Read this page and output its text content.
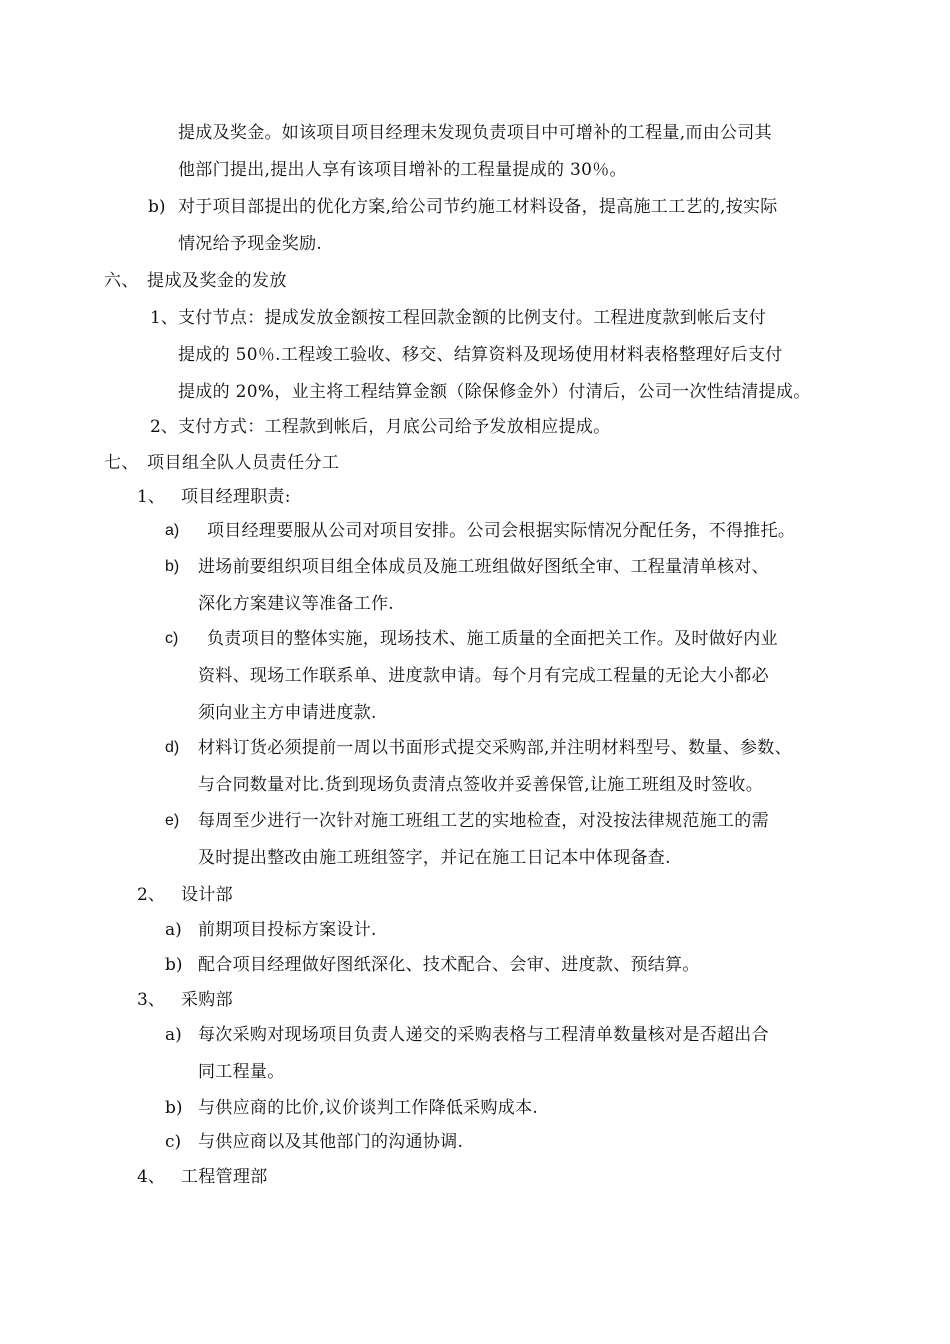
提成及奖金。如该项目项目经理未发现负责项目中可增补的工程量,而由公司其
他部门提出,提出人享有该项目增补的工程量提成的 30％。
b) 对于项目部提出的优化方案,给公司节约施工材料设备，提高施工工艺的,按实际
情况给予现金奖励.
六、 提成及奖金的发放
1、 支付节点：提成发放金额按工程回款金额的比例支付。工程进度款到帐后支付
提成的 50％.工程竣工验收、移交、结算资料及现场使用材料表格整理好后支付
提成的 20%，业主将工程结算金额（除保修金外）付清后，公司一次性结清提成。
2、 支付方式：工程款到帐后，月底公司给予发放相应提成。
七、 项目组全队人员责任分工
1、 项目经理职责:
a) 项目经理要服从公司对项目安排。公司会根据实际情况分配任务，不得推托。
b) 进场前要组织项目组全体成员及施工班组做好图纸全审、工程量清单核对、
深化方案建议等准备工作.
c) 负责项目的整体实施，现场技术、施工质量的全面把关工作。及时做好内业
资料、现场工作联系单、进度款申请。每个月有完成工程量的无论大小都必
须向业主方申请进度款.
d) 材料订货必须提前一周以书面形式提交采购部,并注明材料型号、数量、参数、
与合同数量对比.货到现场负责清点签收并妥善保管,让施工班组及时签收。
e) 每周至少进行一次针对施工班组工艺的实地检查，对没按法律规范施工的需
及时提出整改由施工班组签字，并记在施工日记本中体现备查.
2、 设计部
a) 前期项目投标方案设计.
b) 配合项目经理做好图纸深化、技术配合、会审、进度款、预结算。
3、 采购部
a) 每次采购对现场项目负责人递交的采购表格与工程清单数量核对是否超出合
同工程量。
b) 与供应商的比价,议价谈判工作降低采购成本.
c) 与供应商以及其他部门的沟通协调.
4、 工程管理部
